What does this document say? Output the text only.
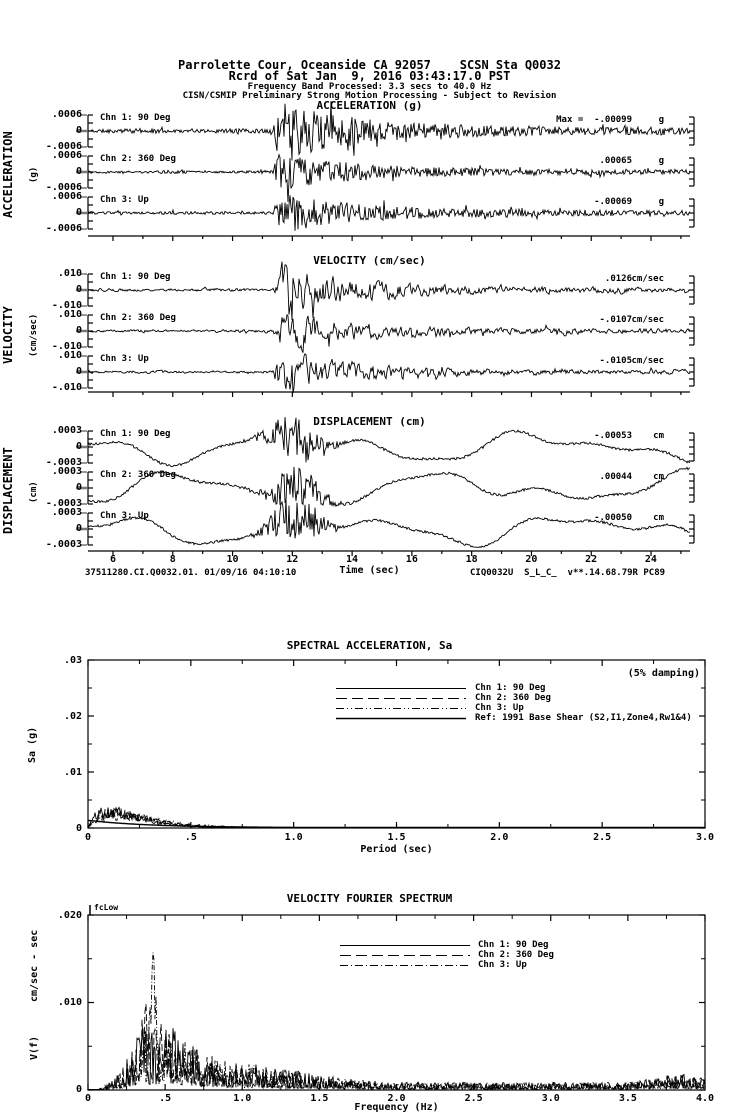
Parrolette Cour, Oceanside CA 92057    SCSN Sta Q0032
Rcrd of Sat Jan  9, 2016 03:43:17.0 PST
Frequency Band Processed: 3.3 secs to 40.0 Hz
CISN/CSMIP Preliminary Strong Motion Processing - Subject to Revision
ACCELERATION (g)
ACCELERATION (g)
.0006
0
-.0006
Chn 1: 90 Deg	Max =  -.00099	g
.0006
0
-.0006
Chn 2: 360 Deg	.00065	g
.0006
0
-.0006
Chn 3: Up	-.00069	g
VELOCITY (cm/sec)
VELOCITY (cm/sec)
.010
0
-.010
Chn 1: 90 Deg	.0126 cm/sec
.010
0
-.010
Chn 2: 360 Deg	-.0107 cm/sec
.010
0
-.010
Chn 3: Up	-.0105 cm/sec
DISPLACEMENT (cm)
DISPLACEMENT (cm)
.0003
0
-.0003
Chn 1: 90 Deg	-.00053	cm
.0003
0
-.0003
Chn 2: 360 Deg	.00044	cm
.0003
0
-.0003
Chn 3: Up	-.00050	cm
6	8	10	12	14	16	18	20	22	24
Time (sec)
37511280.CI.Q0032.01. 01/09/16 04:10:10	CIQ0032U  S_L_C_  v**.14.68.79R PC89
SPECTRAL ACCELERATION, Sa
(5% damping)
Sa (g)
.03
.02
.01
0
Chn 1: 90 Deg
Chn 2: 360 Deg
Chn 3: Up
Ref: 1991 Base Shear (S2,I1,Zone4,Rw1&4)
0	.5	1.0	1.5	2.0	2.5	3.0
Period (sec)
VELOCITY FOURIER SPECTRUM
fcLow
cm/sec - sec
V(f)
.020
.010
0
Chn 1: 90 Deg
Chn 2: 360 Deg
Chn 3: Up
0	.5	1.0	1.5	2.0	2.5	3.0	3.5	4.0
Frequency (Hz)
